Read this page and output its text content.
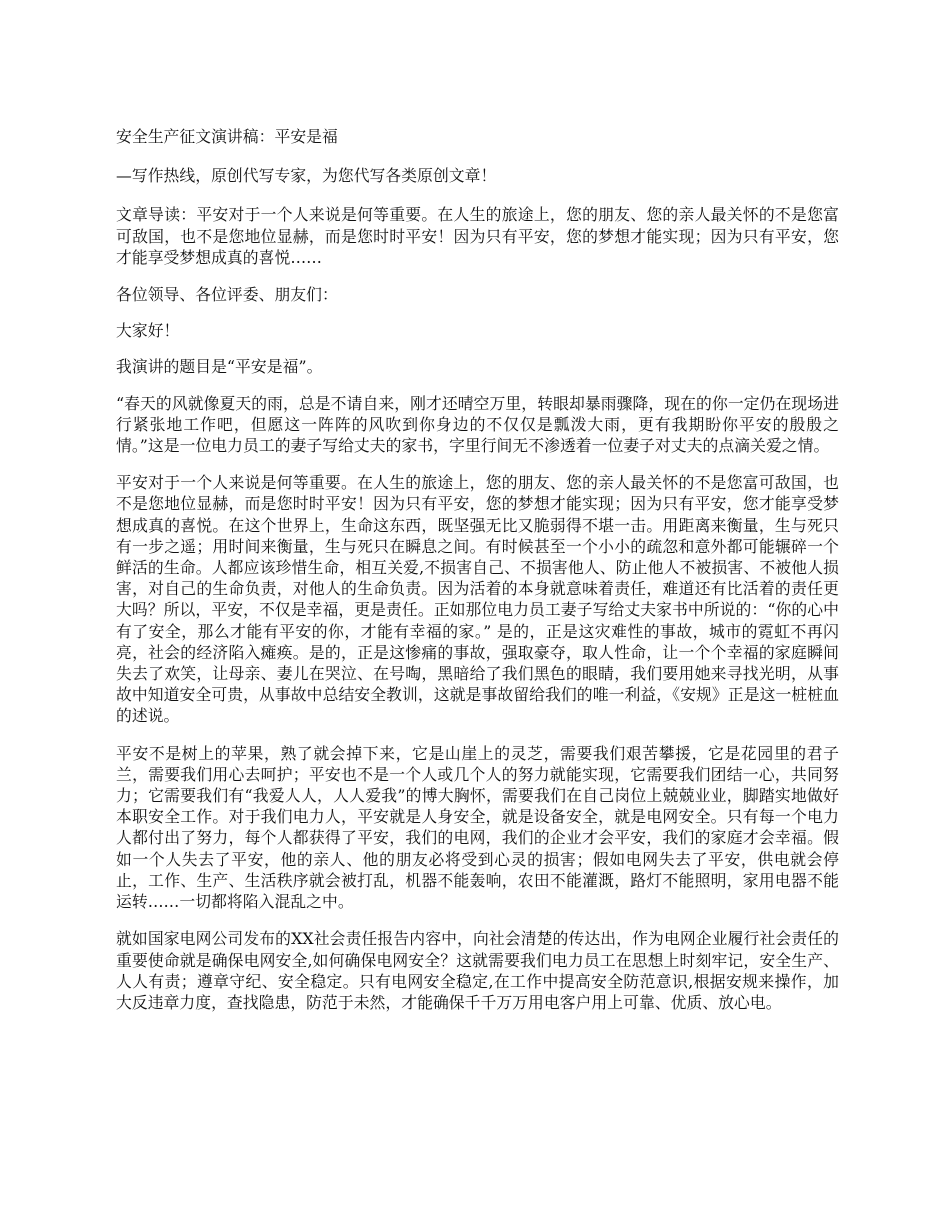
安全生产征文演讲稿：平安是福

—写作热线，原创代写专家，为您代写各类原创文章！

文章导读：平安对于一个人来说是何等重要。在人生的旅途上，您的朋友、您的亲人最关怀的不是您富可敌国，也不是您地位显赫，而是您时时平安！因为只有平安，您的梦想才能实现；因为只有平安，您才能享受梦想成真的喜悦……

各位领导、各位评委、朋友们：

大家好！

我演讲的题目是“平安是福”。

“春天的风就像夏天的雨，总是不请自来，刚才还晴空万里，转眼却暴雨骤降，现在的你一定仍在现场进行紧张地工作吧，但愿这一阵阵的风吹到你身边的不仅仅是瓢泼大雨，更有我期盼你平安的殷殷之情。”这是一位电力员工的妻子写给丈夫的家书，字里行间无不渗透着一位妻子对丈夫的点滴关爱之情。

平安对于一个人来说是何等重要。在人生的旅途上，您的朋友、您的亲人最关怀的不是您富可敌国，也不是您地位显赫，而是您时时平安！因为只有平安，您的梦想才能实现；因为只有平安，您才能享受梦想成真的喜悦。在这个世界上，生命这东西，既坚强无比又脆弱得不堪一击。用距离来衡量，生与死只有一步之遥；用时间来衡量，生与死只在瞬息之间。有时候甚至一个小小的疏忽和意外都可能辗碎一个鲜活的生命。人都应该珍惜生命，相互关爱,不损害自己、不损害他人、防止他人不被损害、不被他人损害，对自己的生命负责，对他人的生命负责。因为活着的本身就意味着责任，难道还有比活着的责任更大吗？所以，平安，不仅是幸福，更是责任。正如那位电力员工妻子写给丈夫家书中所说的：“你的心中有了安全，那么才能有平安的你，才能有幸福的家。” 是的，正是这灾难性的事故，城市的霓虹不再闪亮，社会的经济陷入瘫痪。是的，正是这惨痛的事故，强取豪夺，取人性命，让一个个幸福的家庭瞬间失去了欢笑，让母亲、妻儿在哭泣、在号啕，黑暗给了我们黑色的眼睛，我们要用她来寻找光明，从事故中知道安全可贵，从事故中总结安全教训，这就是事故留给我们的唯一利益，《安规》正是这一桩桩血的述说。

平安不是树上的苹果，熟了就会掉下来，它是山崖上的灵芝，需要我们艰苦攀援，它是花园里的君子兰，需要我们用心去呵护；平安也不是一个人或几个人的努力就能实现，它需要我们团结一心，共同努力；它需要我们有“我爱人人，人人爱我”的博大胸怀，需要我们在自己岗位上兢兢业业，脚踏实地做好本职安全工作。对于我们电力人，平安就是人身安全，就是设备安全，就是电网安全。只有每一个电力人都付出了努力，每个人都获得了平安，我们的电网，我们的企业才会平安，我们的家庭才会幸福。假如一个人失去了平安，他的亲人、他的朋友必将受到心灵的损害；假如电网失去了平安，供电就会停止，工作、生产、生活秩序就会被打乱，机器不能轰响，农田不能灌溉，路灯不能照明，家用电器不能运转……一切都将陷入混乱之中。

就如国家电网公司发布的XX社会责任报告内容中，向社会清楚的传达出，作为电网企业履行社会责任的重要使命就是确保电网安全,如何确保电网安全？这就需要我们电力员工在思想上时刻牢记，安全生产、人人有责；遵章守纪、安全稳定。只有电网安全稳定,在工作中提高安全防范意识,根据安规来操作，加大反违章力度，查找隐患，防范于未然，才能确保千千万万用电客户用上可靠、优质、放心电。
